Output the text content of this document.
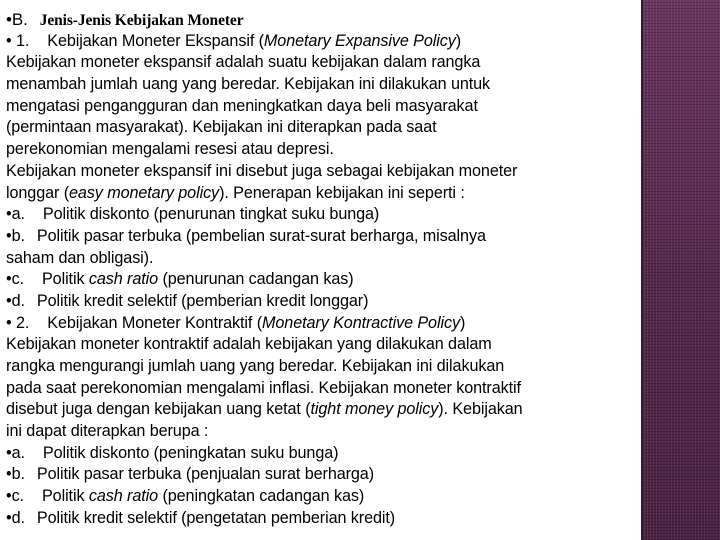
•B. Jenis-Jenis Kebijakan Moneter
• 1. Kebijakan Moneter Ekspansif (Monetary Expansive Policy)
Kebijakan moneter ekspansif adalah suatu kebijakan dalam rangka
menambah jumlah uang yang beredar. Kebijakan ini dilakukan untuk
mengatasi pengangguran dan meningkatkan daya beli masyarakat
(permintaan masyarakat). Kebijakan ini diterapkan pada saat
perekonomian mengalami resesi atau depresi.
Kebijakan moneter ekspansif ini disebut juga sebagai kebijakan moneter
longgar (easy monetary policy). Penerapan kebijakan ini seperti :
•a. Politik diskonto (penurunan tingkat suku bunga)
•b. Politik pasar terbuka (pembelian surat-surat berharga, misalnya
saham dan obligasi).
•c. Politik cash ratio (penurunan cadangan kas)
•d. Politik kredit selektif (pemberian kredit longgar)
• 2. Kebijakan Moneter Kontraktif (Monetary Kontractive Policy)
Kebijakan moneter kontraktif adalah kebijakan yang dilakukan dalam
rangka mengurangi jumlah uang yang beredar. Kebijakan ini dilakukan
pada saat perekonomian mengalami inflasi. Kebijakan moneter kontraktif
disebut juga dengan kebijakan uang ketat (tight money policy). Kebijakan
ini dapat diterapkan berupa :
•a. Politik diskonto (peningkatan suku bunga)
•b. Politik pasar terbuka (penjualan surat berharga)
•c. Politik cash ratio (peningkatan cadangan kas)
•d. Politik kredit selektif (pengetatan pemberian kredit)
